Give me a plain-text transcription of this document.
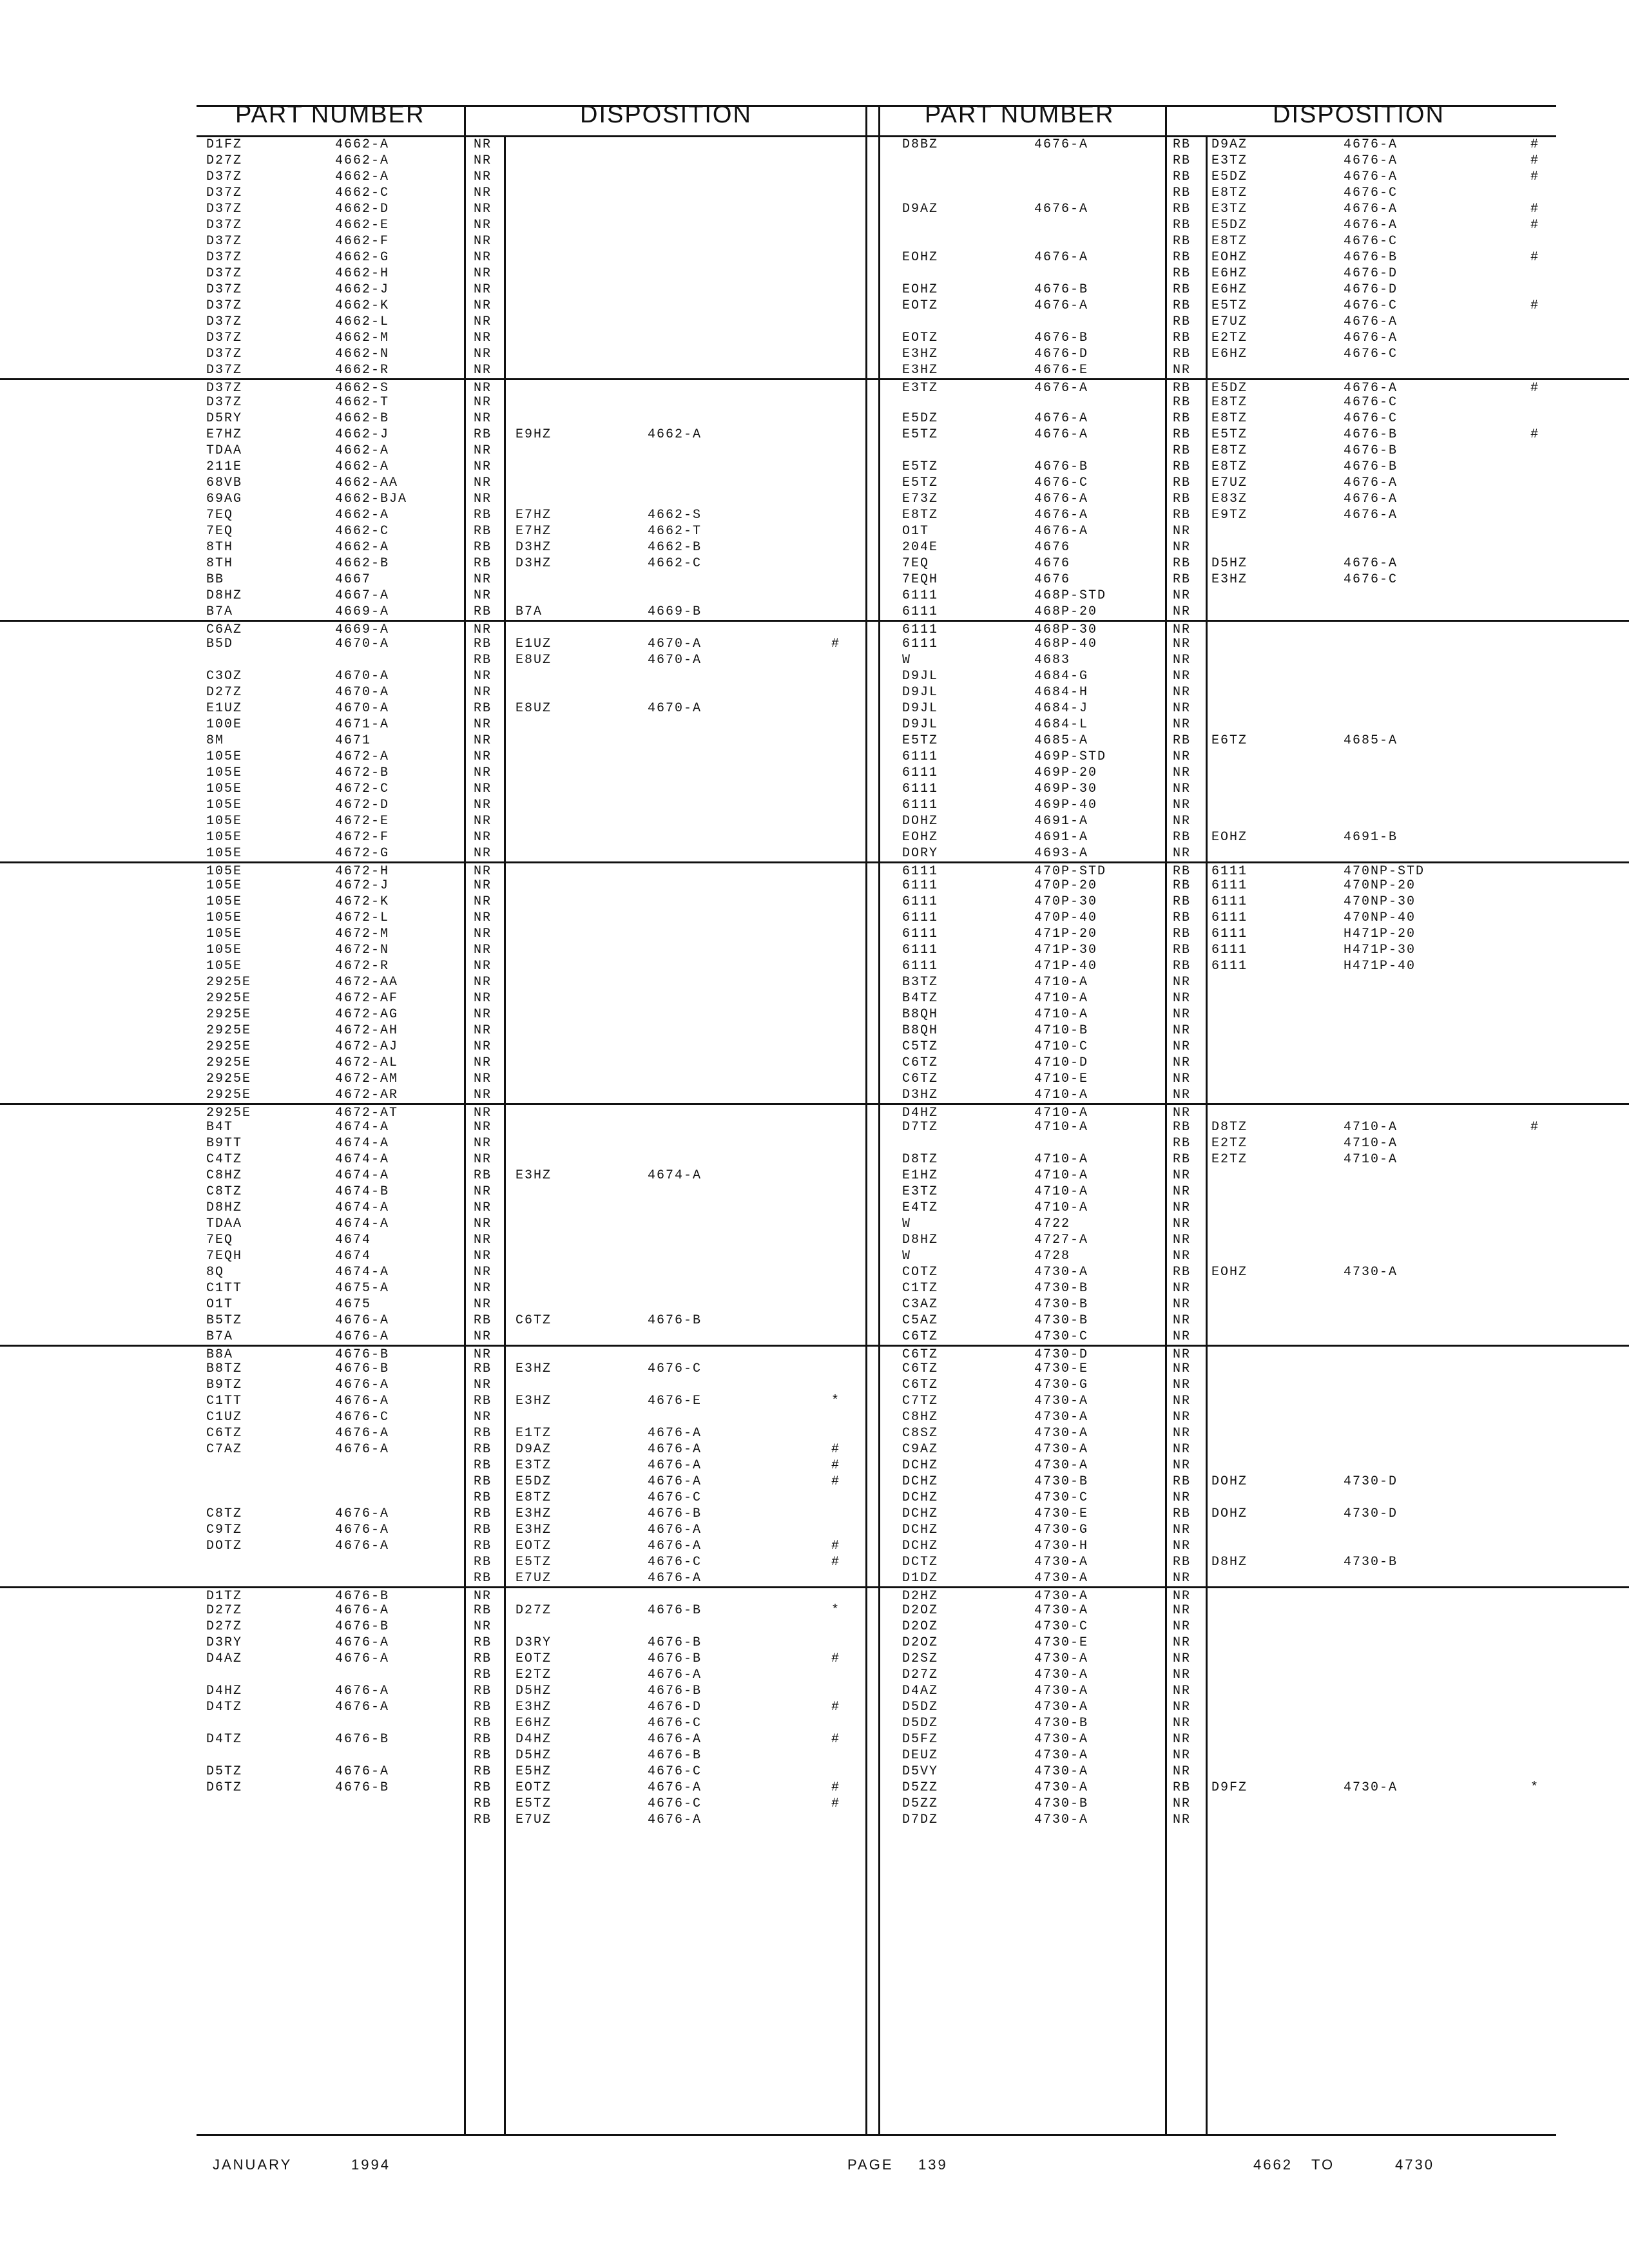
PART NUMBER	DISPOSITION	PART NUMBER	DISPOSITION
D1FZ	4662-A	NR
D27Z	4662-A	NR
D37Z	4662-A	NR
D37Z	4662-C	NR
D37Z	4662-D	NR
D37Z	4662-E	NR
D37Z	4662-F	NR
D37Z	4662-G	NR
D37Z	4662-H	NR
D37Z	4662-J	NR
D37Z	4662-K	NR
D37Z	4662-L	NR
D37Z	4662-M	NR
D37Z	4662-N	NR
D37Z	4662-R	NR
D37Z	4662-S	NR
D37Z	4662-T	NR
D5RY	4662-B	NR
E7HZ	4662-J	RB E9HZ	4662-A
TDAA	4662-A	NR
211E	4662-A	NR
68VB	4662-AA	NR
69AG	4662-BJA	NR
7EQ	4662-A	RB E7HZ	4662-S
7EQ	4662-C	RB E7HZ	4662-T
8TH	4662-A	RB D3HZ	4662-B
8TH	4662-B	RB D3HZ	4662-C
BB	4667	NR
D8HZ	4667-A	NR
B7A	4669-A	RB B7A	4669-B
C6AZ	4669-A	NR
B5D	4670-A	RB E1UZ	4670-A	#
RB E8UZ	4670-A
C3OZ	4670-A	NR
D27Z	4670-A	NR
E1UZ	4670-A	RB E8UZ	4670-A
100E	4671-A	NR
8M	4671	NR
105E	4672-A	NR
105E	4672-B	NR
105E	4672-C	NR
105E	4672-D	NR
105E	4672-E	NR
105E	4672-F	NR
105E	4672-G	NR
105E	4672-H	NR
105E	4672-J	NR
105E	4672-K	NR
105E	4672-L	NR
105E	4672-M	NR
105E	4672-N	NR
105E	4672-R	NR
2925E	4672-AA	NR
2925E	4672-AF	NR
2925E	4672-AG	NR
2925E	4672-AH	NR
2925E	4672-AJ	NR
2925E	4672-AL	NR
2925E	4672-AM	NR
2925E	4672-AR	NR
2925E	4672-AT	NR
B4T	4674-A	NR
B9TT	4674-A	NR
C4TZ	4674-A	NR
C8HZ	4674-A	RB E3HZ	4674-A
C8TZ	4674-B	NR
D8HZ	4674-A	NR
TDAA	4674-A	NR
7EQ	4674	NR
7EQH	4674	NR
8Q	4674-A	NR
C1TT	4675-A	NR
O1T	4675	NR
B5TZ	4676-A	RB C6TZ	4676-B
B7A	4676-A	NR
B8A	4676-B	NR
B8TZ	4676-B	RB E3HZ	4676-C
B9TZ	4676-A	NR
C1TT	4676-A	RB E3HZ	4676-E	*
C1UZ	4676-C	NR
C6TZ	4676-A	RB E1TZ	4676-A
C7AZ	4676-A	RB D9AZ	4676-A	#
RB E3TZ	4676-A	#
RB E5DZ	4676-A	#
RB E8TZ	4676-C
C8TZ	4676-A	RB E3HZ	4676-B
C9TZ	4676-A	RB E3HZ	4676-A
DOTZ	4676-A	RB EOTZ	4676-A	#
RB E5TZ	4676-C	#
RB E7UZ	4676-A
D1TZ	4676-B	NR
D27Z	4676-A	RB D27Z	4676-B	*
D27Z	4676-B	NR
D3RY	4676-A	RB D3RY	4676-B
D4AZ	4676-A	RB EOTZ	4676-B	#
RB E2TZ	4676-A
D4HZ	4676-A	RB D5HZ	4676-B
D4TZ	4676-A	RB E3HZ	4676-D	#
RB E6HZ	4676-C
D4TZ	4676-B	RB D4HZ	4676-A	#
RB D5HZ	4676-B
D5TZ	4676-A	RB E5HZ	4676-C
D6TZ	4676-B	RB EOTZ	4676-A	#
RB E5TZ	4676-C	#
RB E7UZ	4676-A
D8BZ	4676-A	RB D9AZ	4676-A	#
RB E3TZ	4676-A	#
RB E5DZ	4676-A	#
RB E8TZ	4676-C
D9AZ	4676-A	RB E3TZ	4676-A	#
RB E5DZ	4676-A	#
RB E8TZ	4676-C
EOHZ	4676-A	RB EOHZ	4676-B	#
RB E6HZ	4676-D
EOHZ	4676-B	RB E6HZ	4676-D
EOTZ	4676-A	RB E5TZ	4676-C	#
RB E7UZ	4676-A
EOTZ	4676-B	RB E2TZ	4676-A
E3HZ	4676-D	RB E6HZ	4676-C
E3HZ	4676-E	NR
E3TZ	4676-A	RB E5DZ	4676-A	#
RB E8TZ	4676-C
E5DZ	4676-A	RB E8TZ	4676-C
E5TZ	4676-A	RB E5TZ	4676-B	#
RB E8TZ	4676-B
E5TZ	4676-B	RB E8TZ	4676-B
E5TZ	4676-C	RB E7UZ	4676-A
E73Z	4676-A	RB E83Z	4676-A
E8TZ	4676-A	RB E9TZ	4676-A
O1T	4676-A	NR
204E	4676	NR
7EQ	4676	RB D5HZ	4676-A
7EQH	4676	RB E3HZ	4676-C
6111	468P-STD	NR
6111	468P-20	NR
6111	468P-30	NR
6111	468P-40	NR
W	4683	NR
D9JL	4684-G	NR
D9JL	4684-H	NR
D9JL	4684-J	NR
D9JL	4684-L	NR
E5TZ	4685-A	RB E6TZ	4685-A
6111	469P-STD	NR
6111	469P-20	NR
6111	469P-30	NR
6111	469P-40	NR
DOHZ	4691-A	NR
EOHZ	4691-A	RB EOHZ	4691-B
DORY	4693-A	NR
6111	470P-STD	RB 6111	470NP-STD
6111	470P-20	RB 6111	470NP-20
6111	470P-30	RB 6111	470NP-30
6111	470P-40	RB 6111	470NP-40
6111	471P-20	RB 6111	H471P-20
6111	471P-30	RB 6111	H471P-30
6111	471P-40	RB 6111	H471P-40
B3TZ	4710-A	NR
B4TZ	4710-A	NR
B8QH	4710-A	NR
B8QH	4710-B	NR
C5TZ	4710-C	NR
C6TZ	4710-D	NR
C6TZ	4710-E	NR
D3HZ	4710-A	NR
D4HZ	4710-A	NR
D7TZ	4710-A	RB D8TZ	4710-A	#
RB E2TZ	4710-A
D8TZ	4710-A	RB E2TZ	4710-A
E1HZ	4710-A	NR
E3TZ	4710-A	NR
E4TZ	4710-A	NR
W	4722	NR
D8HZ	4727-A	NR
W	4728	NR
COTZ	4730-A	RB EOHZ	4730-A
C1TZ	4730-B	NR
C3AZ	4730-B	NR
C5AZ	4730-B	NR
C6TZ	4730-C	NR
C6TZ	4730-D	NR
C6TZ	4730-E	NR
C6TZ	4730-G	NR
C7TZ	4730-A	NR
C8HZ	4730-A	NR
C8SZ	4730-A	NR
C9AZ	4730-A	NR
DCHZ	4730-A	NR
DCHZ	4730-B	RB DOHZ	4730-D
DCHZ	4730-C	NR
DCHZ	4730-E	RB DOHZ	4730-D
DCHZ	4730-G	NR
DCHZ	4730-H	NR
DCTZ	4730-A	RB D8HZ	4730-B
D1DZ	4730-A	NR
D2HZ	4730-A	NR
D2OZ	4730-A	NR
D2OZ	4730-C	NR
D2OZ	4730-E	NR
D2SZ	4730-A	NR
D27Z	4730-A	NR
D4AZ	4730-A	NR
D5DZ	4730-A	NR
D5DZ	4730-B	NR
D5FZ	4730-A	NR
DEUZ	4730-A	NR
D5VY	4730-A	NR
D5ZZ	4730-A	RB D9FZ	4730-A	*
D5ZZ	4730-B	NR
D7DZ	4730-A	NR
JANUARY	1994	PAGE 139	4662 TO	4730
